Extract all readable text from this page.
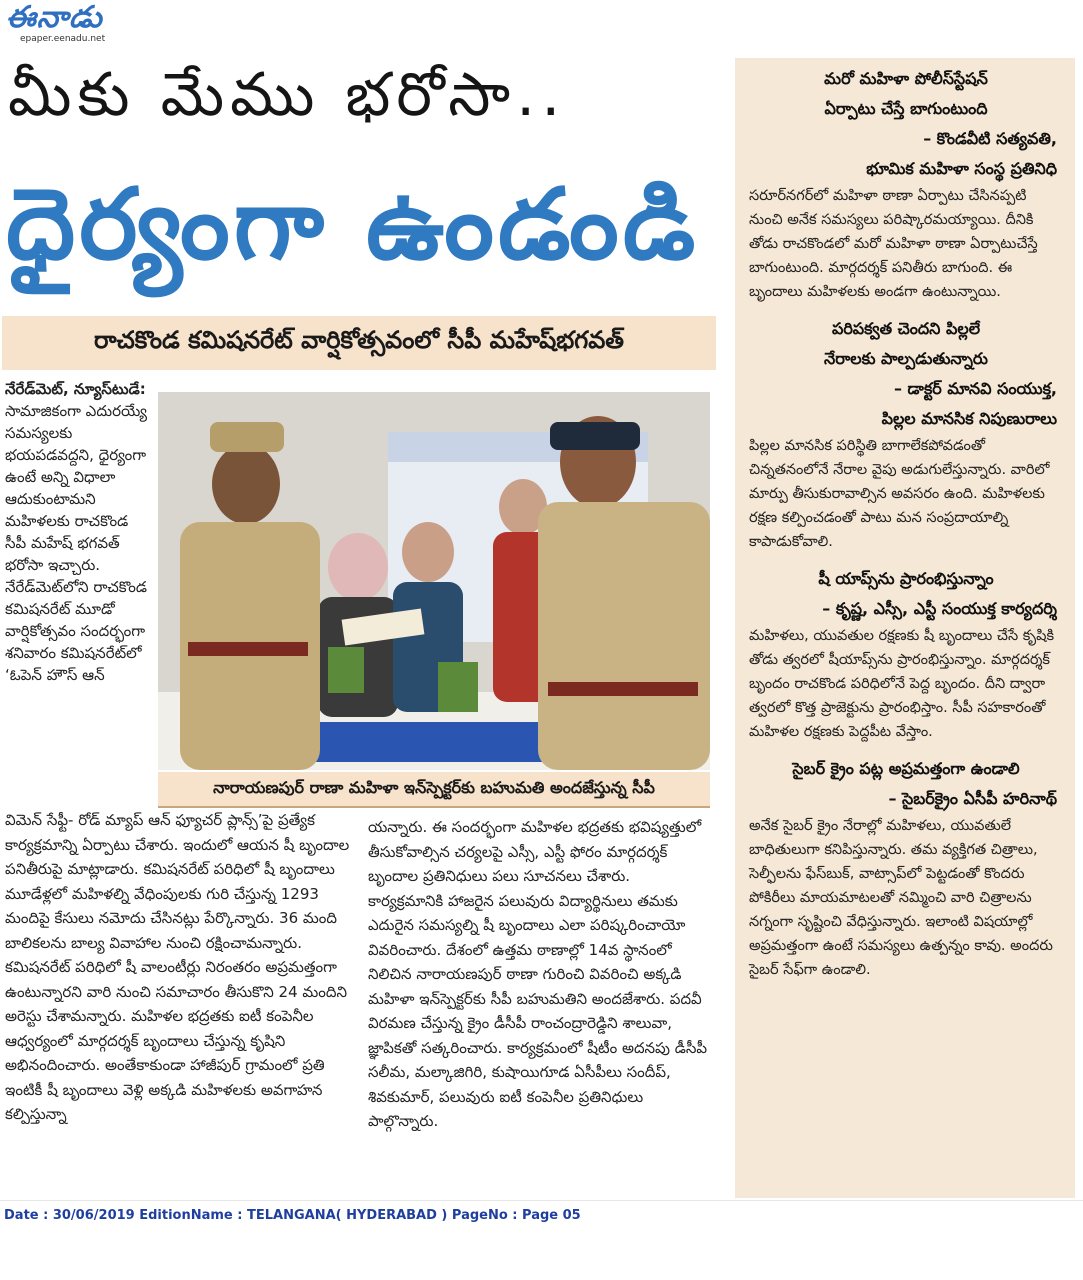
ఈనాడు
epaper.eenadu.net
మీకు మేము భరోసా..
ధైర్యంగా ఉండండి
రాచకొండ కమిషనరేట్ వార్షికోత్సవంలో సీపీ మహేష్‌భగవత్
నేరేడ్‌మెట్, న్యూస్‌టుడే: సామాజికంగా ఎదురయ్యే సమస్యలకు భయపడవద్దని, ధైర్యంగా ఉంటే అన్ని విధాలా ఆదుకుంటామని మహిళలకు రాచకొండ సీపీ మహేష్ భగవత్ భరోసా ఇచ్చారు. నేరేడ్‌మెట్‌లోని రాచకొండ కమిషనరేట్ మూడో వార్షికోత్సవం సందర్భంగా శనివారం కమిషనరేట్‌లో ‘ఓపెన్ హౌస్ ఆన్
నారాయణపుర్ రాణా మహిళా ఇన్‌స్పెక్టర్‌కు బహుమతి అందజేస్తున్న సీపీ
విమెన్ సేఫ్టీ- రోడ్ మ్యాప్ ఆన్ ఫ్యూచర్ ప్లాన్స్’పై ప్రత్యేక కార్యక్రమాన్ని ఏర్పాటు చేశారు. ఇందులో ఆయన షీ బృందాల పనితీరుపై మాట్లాడారు. కమిషనరేట్ పరిధిలో షీ బృందాలు మూడేళ్లలో మహిళల్ని వేధింపులకు గురి చేస్తున్న 1293 మందిపై కేసులు నమోదు చేసినట్లు పేర్కొన్నారు. 36 మంది బాలికలను బాల్య వివాహాల నుంచి రక్షించామన్నారు. కమిషనరేట్ పరిధిలో షీ వాలంటీర్లు నిరంతరం అప్రమత్తంగా ఉంటున్నారని వారి నుంచి సమాచారం తీసుకొని 24 మందిని అరెస్టు చేశామన్నారు. మహిళల భద్రతకు ఐటీ కంపెనీల ఆధ్వర్యంలో మార్గదర్శక్ బృందాలు చేస్తున్న కృషిని అభినందించారు. అంతేకాకుండా హాజీపుర్ గ్రామంలో ప్రతి ఇంటికీ షీ బృందాలు వెళ్లి అక్కడి మహిళలకు అవగాహన కల్పిస్తున్నా
యన్నారు. ఈ సందర్భంగా మహిళల భద్రతకు భవిష్యత్తులో తీసుకోవాల్సిన చర్యలపై ఎస్సీ, ఎస్టీ ఫోరం మార్గదర్శక్ బృందాల ప్రతినిధులు పలు సూచనలు చేశారు. కార్యక్రమానికి హాజరైన పలువురు విద్యార్థినులు తమకు ఎదురైన సమస్యల్ని షీ బృందాలు ఎలా పరిష్కరించాయో వివరించారు. దేశంలో ఉత్తమ ఠాణాల్లో 14వ స్థానంలో నిలిచిన నారాయణపుర్ ఠాణా గురించి వివరించి అక్కడి మహిళా ఇన్‌స్పెక్టర్‌కు సీపీ బహుమతిని అందజేశారు. పదవీ విరమణ చేస్తున్న క్రైం డీసీపీ రాంచంద్రారెడ్డిని శాలువా, జ్ఞాపికతో సత్కరించారు. కార్యక్రమంలో షీటీం అదనపు డీసీపీ సలీమ, మల్కాజిగిరి, కుషాయిగూడ ఏసీపీలు సందీప్, శివకుమార్, పలువురు ఐటీ కంపెనీల ప్రతినిధులు పాల్గొన్నారు.
మరో మహిళా పోలీస్‌స్టేషన్
ఏర్పాటు చేస్తే బాగుంటుంది
– కొండవీటి సత్యవతి,
భూమిక మహిళా సంస్థ ప్రతినిధి
సరూర్‌నగర్‌లో మహిళా ఠాణా ఏర్పాటు చేసినప్పటి నుంచి అనేక సమస్యలు పరిష్కారమయ్యాయి. దీనికి తోడు రాచకొండలో మరో మహిళా ఠాణా ఏర్పాటుచేస్తే బాగుంటుంది. మార్గదర్శక్ పనితీరు బాగుంది. ఈ బృందాలు మహిళలకు అండగా ఉంటున్నాయి.
పరిపక్వత చెందని పిల్లలే
నేరాలకు పాల్పడుతున్నారు
– డాక్టర్ మానవి సంయుక్త,
పిల్లల మానసిక నిపుణురాలు
పిల్లల మానసిక పరిస్థితి బాగాలేకపోవడంతో చిన్నతనంలోనే నేరాల వైపు అడుగులేస్తున్నారు. వారిలో మార్పు తీసుకురావాల్సిన అవసరం ఉంది. మహిళలకు రక్షణ కల్పించడంతో పాటు మన సంప్రదాయాల్ని కాపాడుకోవాలి.
షీ యాప్స్‌ను ప్రారంభిస్తున్నాం
– కృష్ణ, ఎస్సీ, ఎస్టీ సంయుక్త కార్యదర్శి
మహిళలు, యువతుల రక్షణకు షీ బృందాలు చేసే కృషికి తోడు త్వరలో షీయాప్స్‌ను ప్రారంభిస్తున్నాం. మార్గదర్శక్ బృందం రాచకొండ పరిధిలోనే పెద్ద బృందం. దీని ద్వారా త్వరలో కొత్త ప్రాజెక్టును ప్రారంభిస్తాం. సీపీ సహకారంతో మహిళల రక్షణకు పెద్దపీట వేస్తాం.
సైబర్ క్రైం పట్ల అప్రమత్తంగా ఉండాలి
– సైబర్‌క్రైం ఏసీపీ హరినాథ్
అనేక సైబర్ క్రైం నేరాల్లో మహిళలు, యువతులే బాధితులుగా కనిపిస్తున్నారు. తమ వ్యక్తిగత చిత్రాలు, సెల్ఫీలను ఫేస్‌బుక్, వాట్సాప్‌లో పెట్టడంతో కొందరు పోకిరీలు మాయమాటలతో నమ్మించి వారి చిత్రాలను నగ్నంగా సృష్టించి వేధిస్తున్నారు. ఇలాంటి విషయాల్లో అప్రమత్తంగా ఉంటే సమస్యలు ఉత్పన్నం కావు. అందరు సైబర్ సేఫ్‌గా ఉండాలి.
Date : 30/06/2019 EditionName : TELANGANA( HYDERABAD ) PageNo : Page 05
